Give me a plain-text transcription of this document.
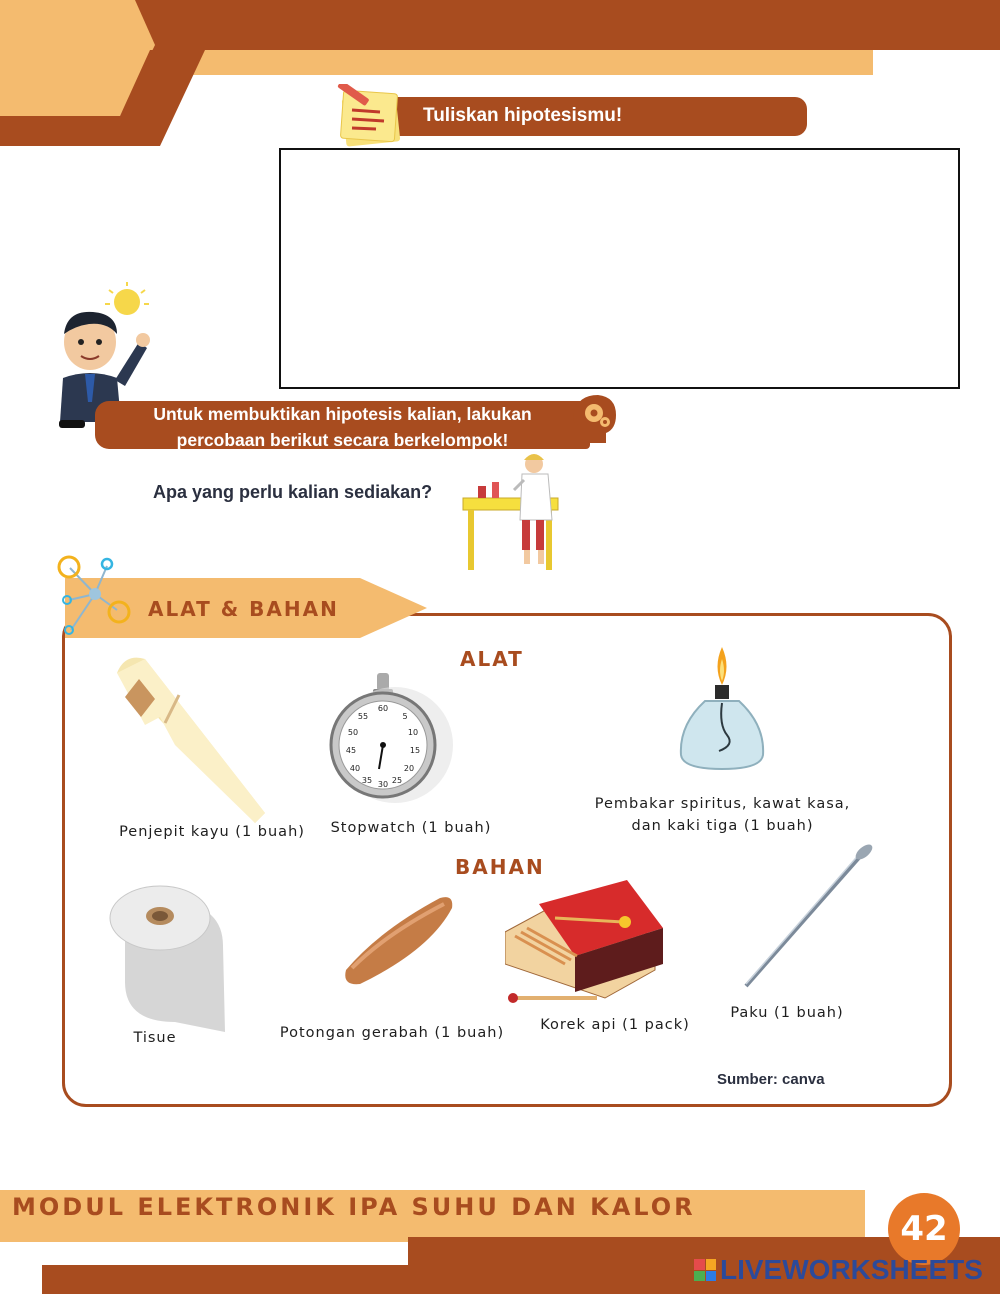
Tuliskan hipotesismu!
Untuk membuktikan hipotesis kalian, lakukan
percobaan berikut secara berkelompok!
Apa yang perlu kalian sediakan?
ALAT & BAHAN
ALAT
Penjepit kayu (1 buah)
60
5
10
15
20
25
30
35
40
45
50
55
Stopwatch (1 buah)
Pembakar spiritus, kawat kasa,
dan kaki tiga (1 buah)
BAHAN
Tisue	Potongan gerabah (1 buah)	Korek api (1 pack)
Paku (1 buah)
Sumber: canva
MODUL ELEKTRONIK IPA SUHU DAN KALOR
42
LIVEWORKSHEETS
